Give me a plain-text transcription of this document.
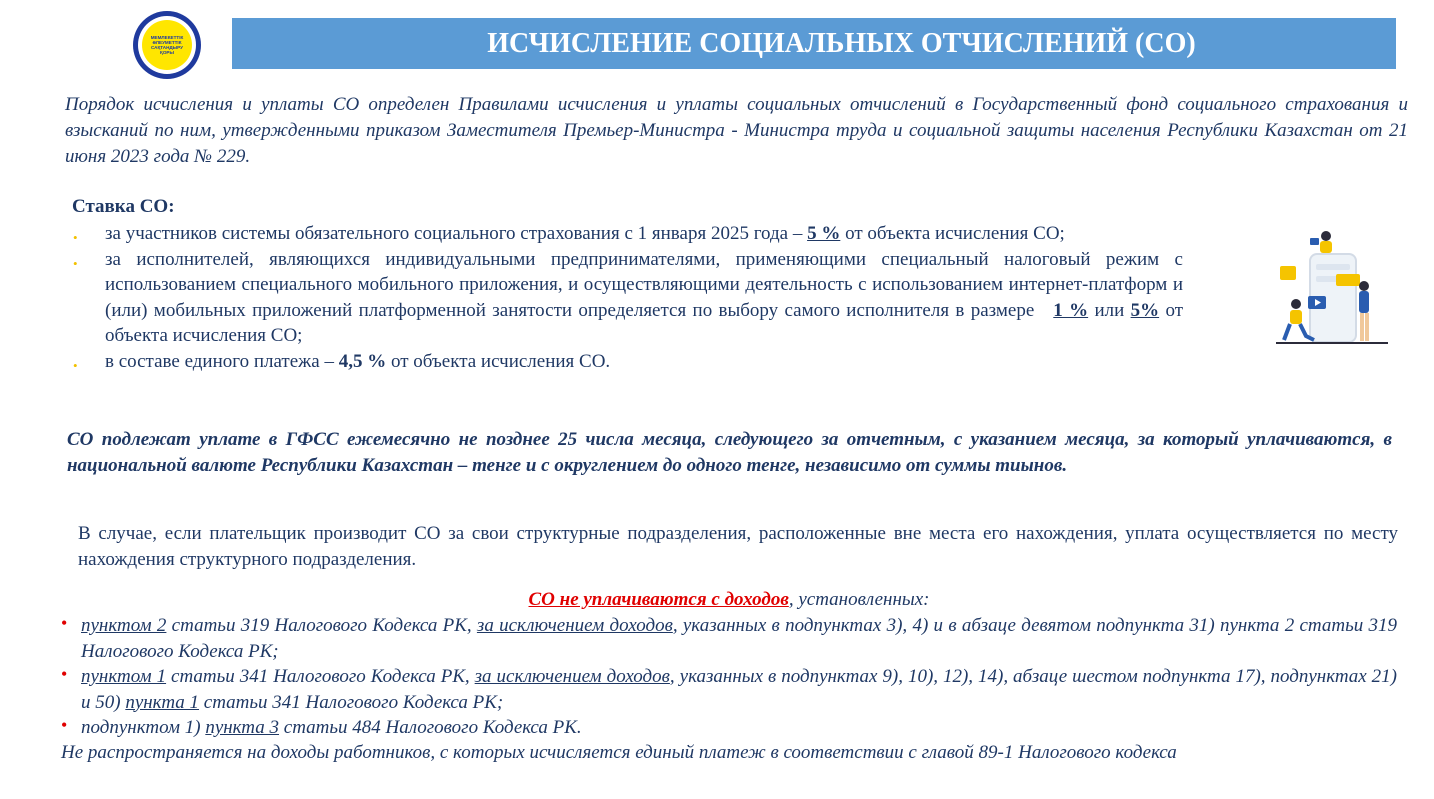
МЕМЛЕКЕТТІК ӘЛЕУМЕТТІК САҚТАНДЫРУ ҚОРЫ	ИСЧИСЛЕНИЕ СОЦИАЛЬНЫХ ОТЧИСЛЕНИЙ (СО)
Порядок исчисления и уплаты СО определен Правилами исчисления и уплаты социальных отчислений в Государственный фонд социального страхования и взысканий по ним, утвержденными приказом Заместителя Премьер-Министра - Министра труда и социальной защиты населения Республики Казахстан от 21 июня 2023 года № 229.
Ставка СО:
• за участников системы обязательного социального страхования с 1 января 2025 года – 5 % от объекта исчисления СО;
• за исполнителей, являющихся индивидуальными предпринимателями, применяющими специальный налоговый режим с использованием специального мобильного приложения, и осуществляющими деятельность с использованием интернет-платформ и (или) мобильных приложений платформенной занятости определяется по выбору самого исполнителя в размере   1 % или 5% от объекта исчисления СО;
• в составе единого платежа – 4,5 % от объекта исчисления СО.
СО подлежат уплате в ГФСС ежемесячно не позднее 25 числа месяца, следующего за отчетным, с указанием месяца, за который уплачиваются, в национальной валюте Республики Казахстан – тенге и с округлением до одного тенге, независимо от суммы тиынов.
В случае, если плательщик производит СО за свои структурные подразделения, расположенные вне места его нахождения, уплата осуществляется по месту нахождения структурного подразделения.
СО не уплачиваются с доходов, установленных:
• пунктом 2 статьи 319 Налогового Кодекса РК, за исключением доходов, указанных в подпунктах 3), 4) и в абзаце девятом подпункта 31) пункта 2 статьи 319 Налогового Кодекса РК;
• пунктом 1 статьи 341 Налогового Кодекса РК, за исключением доходов, указанных в подпунктах 9), 10), 12), 14), абзаце шестом подпункта 17), подпунктах 21) и 50) пункта 1 статьи 341 Налогового Кодекса РК;
• подпунктом 1) пункта 3 статьи 484 Налогового Кодекса РК.
Не распространяется на доходы работников, с которых исчисляется единый платеж в соответствии с главой 89-1 Налогового кодекса
